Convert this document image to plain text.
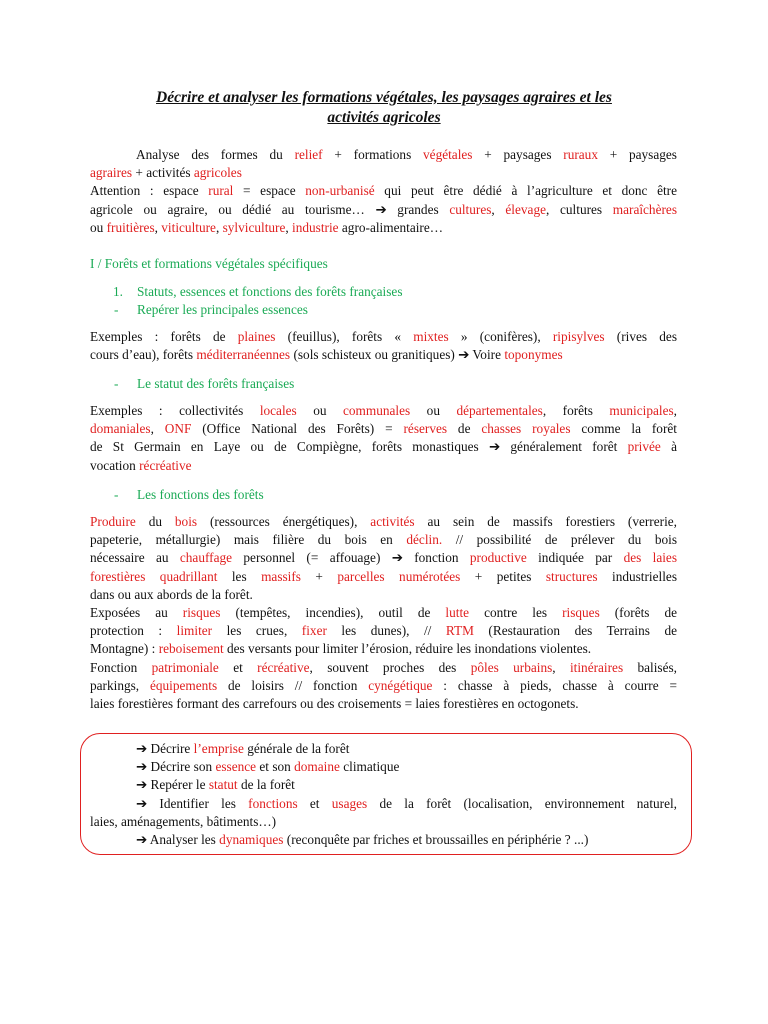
Décrire et analyser les formations végétales, les paysages agraires et les
activités agricoles
Analyse des formes du relief + formations végétales + paysages ruraux + paysages
agraires + activités agricoles
Attention : espace rural = espace non-urbanisé qui peut être dédié à l’agriculture et donc être
agricole ou agraire, ou dédié au tourisme… ➔ grandes cultures, élevage, cultures maraîchères
ou fruitières, viticulture, sylviculture, industrie agro-alimentaire…
I / Forêts et formations végétales spécifiques
1. Statuts, essences et fonctions des forêts françaises
- Repérer les principales essences
Exemples : forêts de plaines (feuillus), forêts « mixtes » (conifères), ripisylves (rives des
cours d’eau), forêts méditerranéennes (sols schisteux ou granitiques) ➔ Voire toponymes
- Le statut des forêts françaises
Exemples : collectivités locales ou communales ou départementales, forêts municipales,
domaniales, ONF (Office National des Forêts) = réserves de chasses royales comme la forêt
de St Germain en Laye ou de Compiègne, forêts monastiques ➔ généralement forêt privée à
vocation récréative
- Les fonctions des forêts
Produire du bois (ressources énergétiques), activités au sein de massifs forestiers (verrerie,
papeterie, métallurgie) mais filière du bois en déclin. // possibilité de prélever du bois
nécessaire au chauffage personnel (= affouage) ➔ fonction productive indiquée par des laies
forestières quadrillant les massifs + parcelles numérotées + petites structures industrielles
dans ou aux abords de la forêt.
Exposées au risques (tempêtes, incendies), outil de lutte contre les risques (forêts de
protection : limiter les crues, fixer les dunes), // RTM (Restauration des Terrains de
Montagne) : reboisement des versants pour limiter l’érosion, réduire les inondations violentes.
Fonction patrimoniale et récréative, souvent proches des pôles urbains, itinéraires balisés,
parkings, équipements de loisirs // fonction cynégétique : chasse à pieds, chasse à courre =
laies forestières formant des carrefours ou des croisements = laies forestières en octogonets.
➔ Décrire l’emprise générale de la forêt
➔ Décrire son essence et son domaine climatique
➔ Repérer le statut de la forêt
➔ Identifier les fonctions et usages de la forêt (localisation, environnement naturel,
laies, aménagements, bâtiments…)
➔ Analyser les dynamiques (reconquête par friches et broussailles en périphérie ? ...)
